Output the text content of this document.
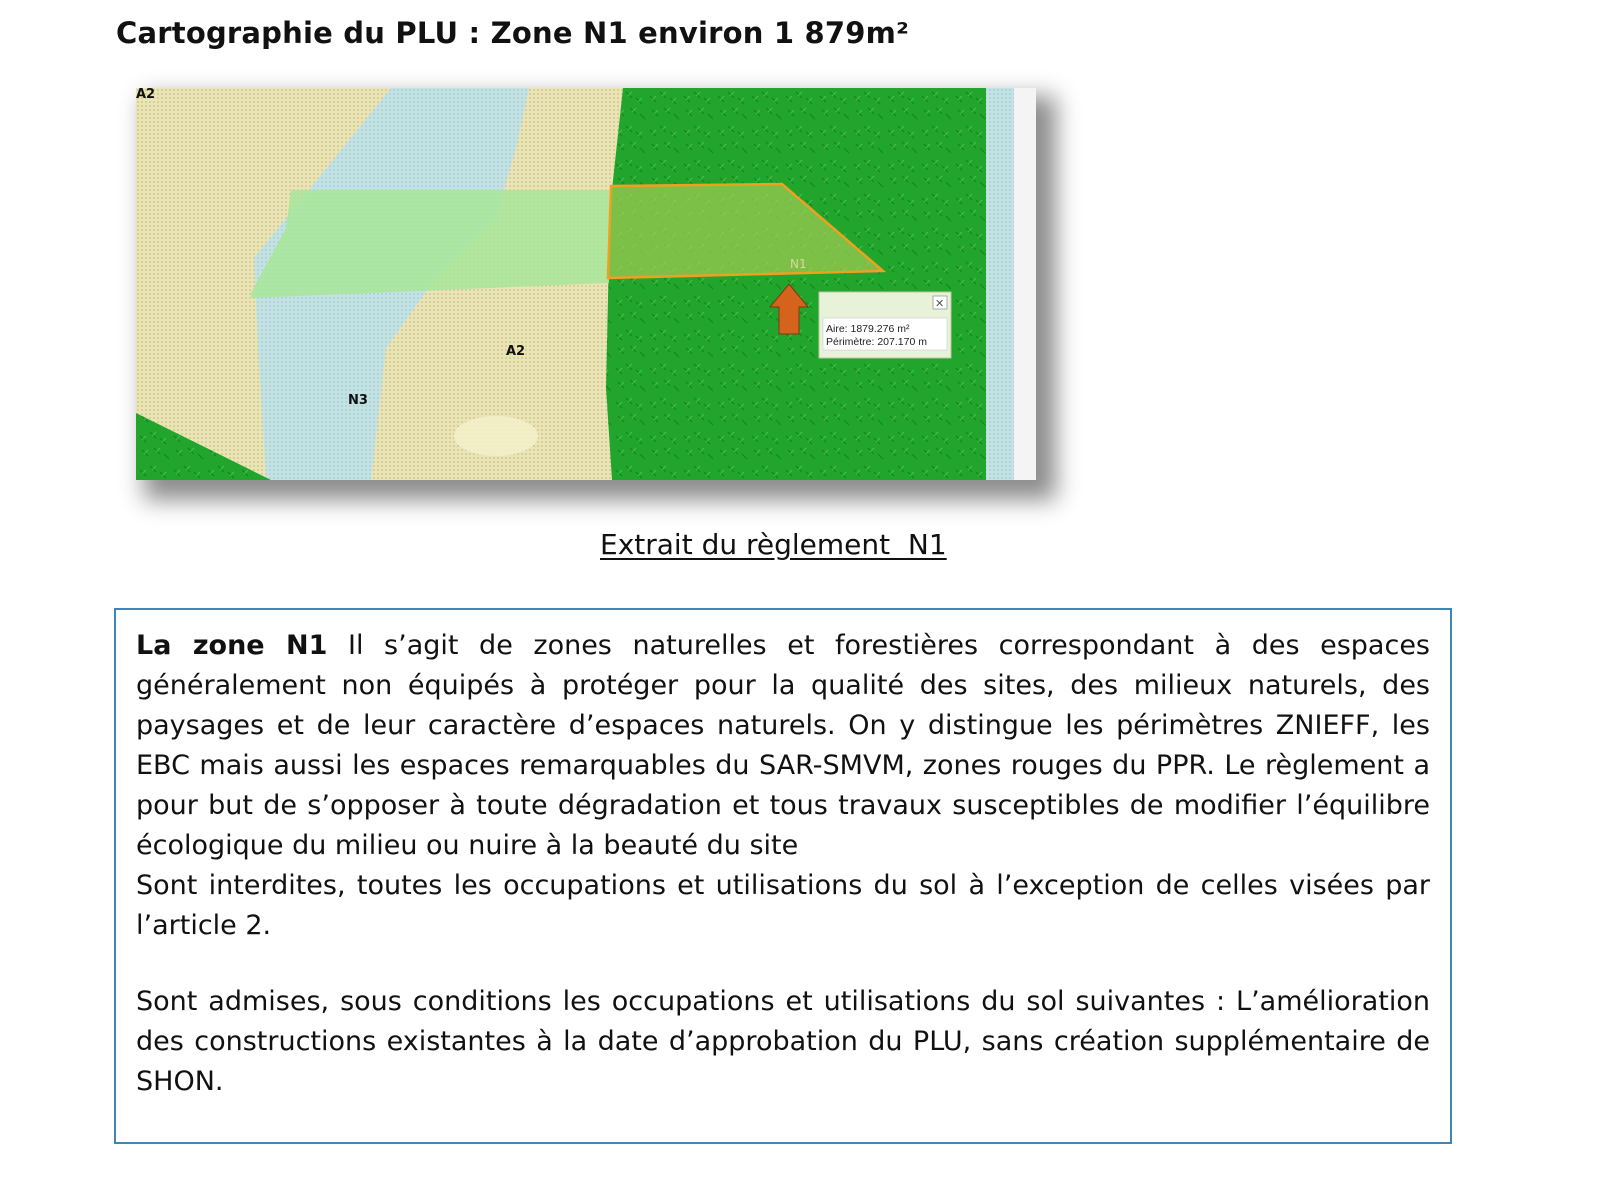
Cartographie du PLU : Zone N1 environ 1 879m²
N1
A2
A2
N3
Aire: 1879.276 m²
Périmètre: 207.170 m
✕
Extrait du règlement  N1

La zone N1 Il s’agit de zones naturelles et forestières correspondant à des espaces généralement non équipés à protéger pour la qualité des sites, des milieux naturels, des paysages et de leur caractère d’espaces naturels. On y distingue les périmètres ZNIEFF, les EBC mais aussi les espaces remarquables du SAR-SMVM, zones rouges du PPR. Le règlement a pour but de s’opposer à toute dégradation et tous travaux susceptibles de modifier l’équilibre écologique du milieu ou nuire à la beauté du site

Sont interdites, toutes les occupations et utilisations du sol à l’exception de celles visées par l’article 2.

Sont admises, sous conditions les occupations et utilisations du sol suivantes : L’amélioration des constructions existantes à la date d’approbation du PLU, sans création supplémentaire de SHON.
